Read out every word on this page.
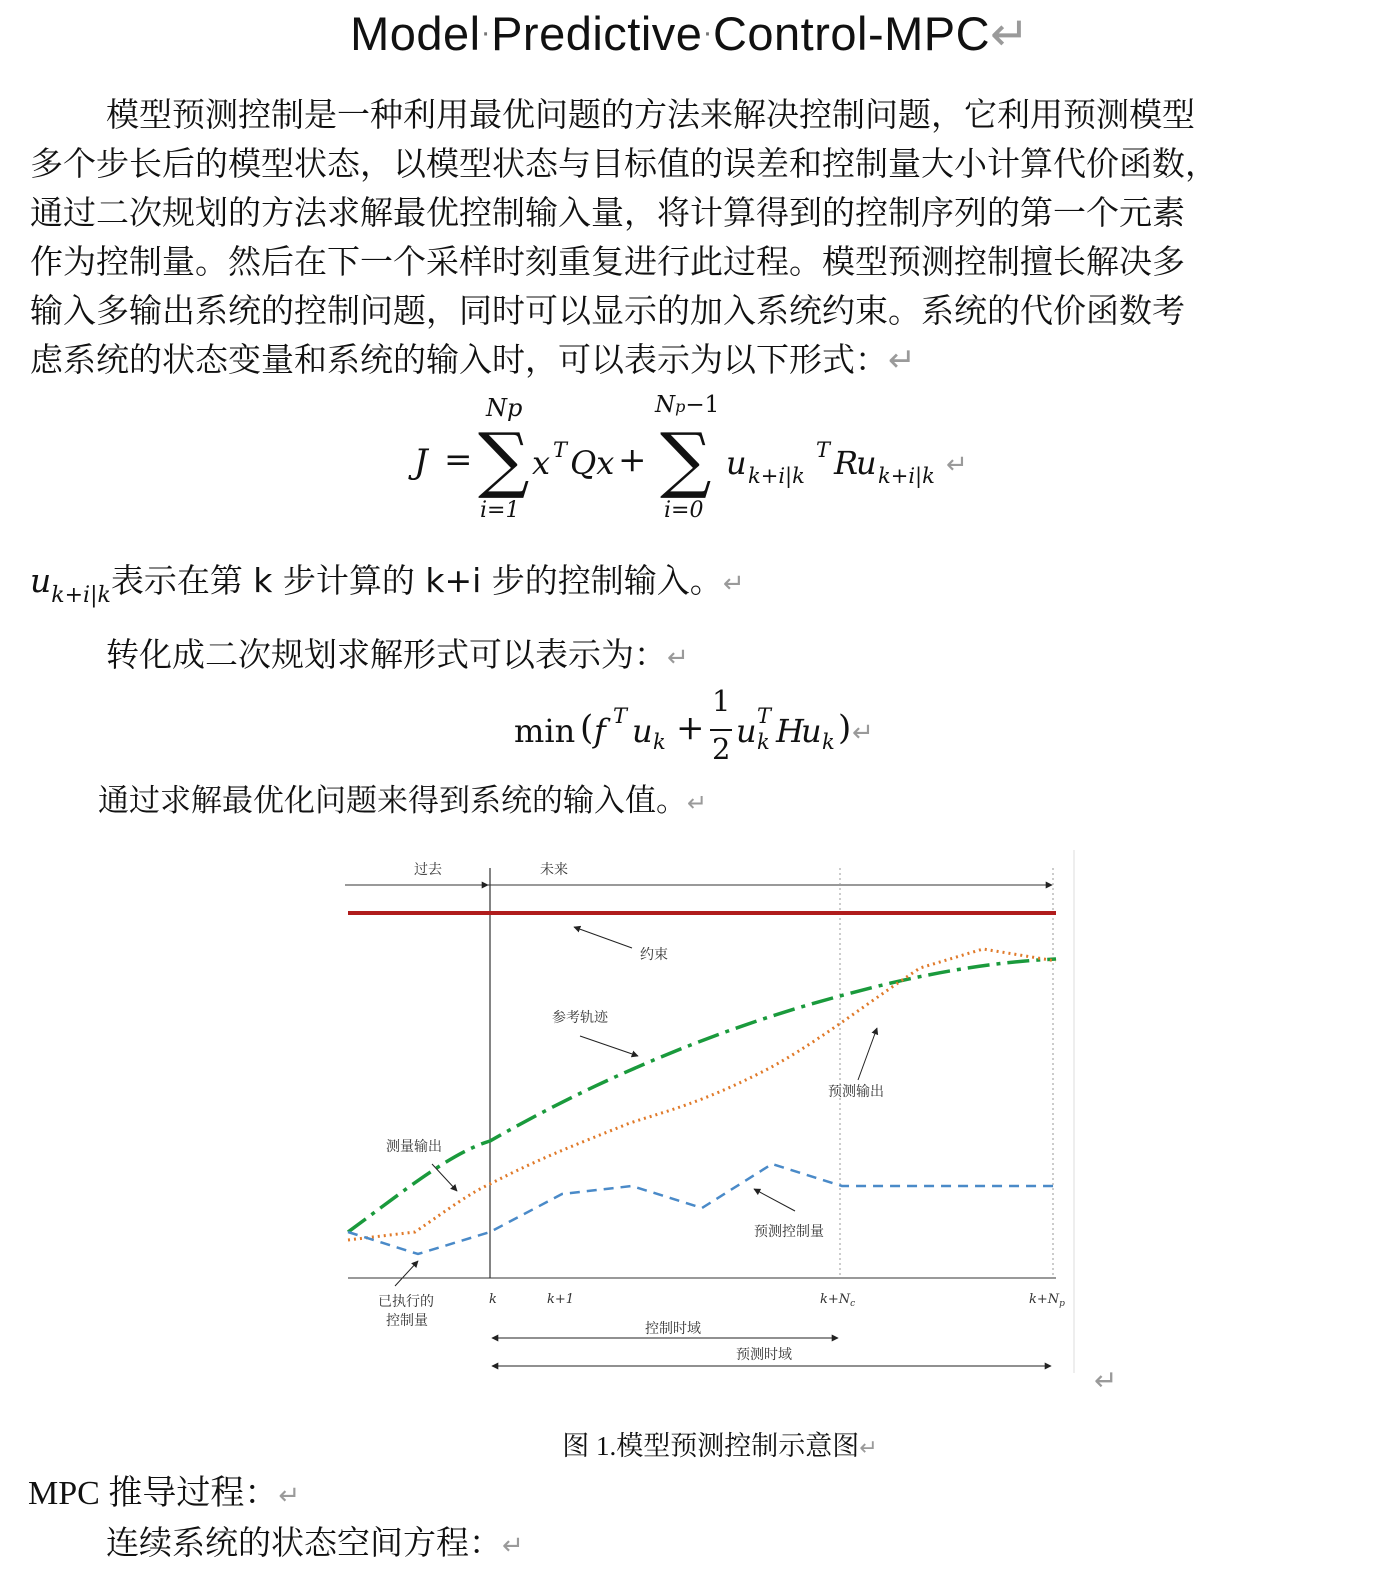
Model·Predictive·Control-MPC↵
模型预测控制是一种利用最优问题的方法来解决控制问题，它利用预测模型
多个步长后的模型状态，以模型状态与目标值的误差和控制量大小计算代价函数，
通过二次规划的方法求解最优控制输入量，将计算得到的控制序列的第一个元素
作为控制量。然后在下一个采样时刻重复进行此过程。模型预测控制擅长解决多
输入多输出系统的控制问题，同时可以显示的加入系统约束。系统的代价函数考
虑系统的状态变量和系统的输入时，可以表示为以下形式：↵
J =
Np
∑
i=1
x T Qx +
Np−1
∑
i=0
u k+i|k
T R
u k+i|k ↵
$u_{k+i|k}$表示在第 k 步计算的 k+i 步的控制输入。↵
转化成二次规划求解形式可以表示为：↵
min ( f T u k +
1
2 u T
k H
u k ) ↵
通过求解最优化问题来得到系统的输入值。↵
过去	未来
约束
参考轨迹
预测输出
测量输出
预测控制量
已执行的
控制量
k	k+1	$k+N_c$	$k+N_p$
控制时域
预测时域
↵
图 1.模型预测控制示意图↵
MPC 推导过程：↵
连续系统的状态空间方程：↵
